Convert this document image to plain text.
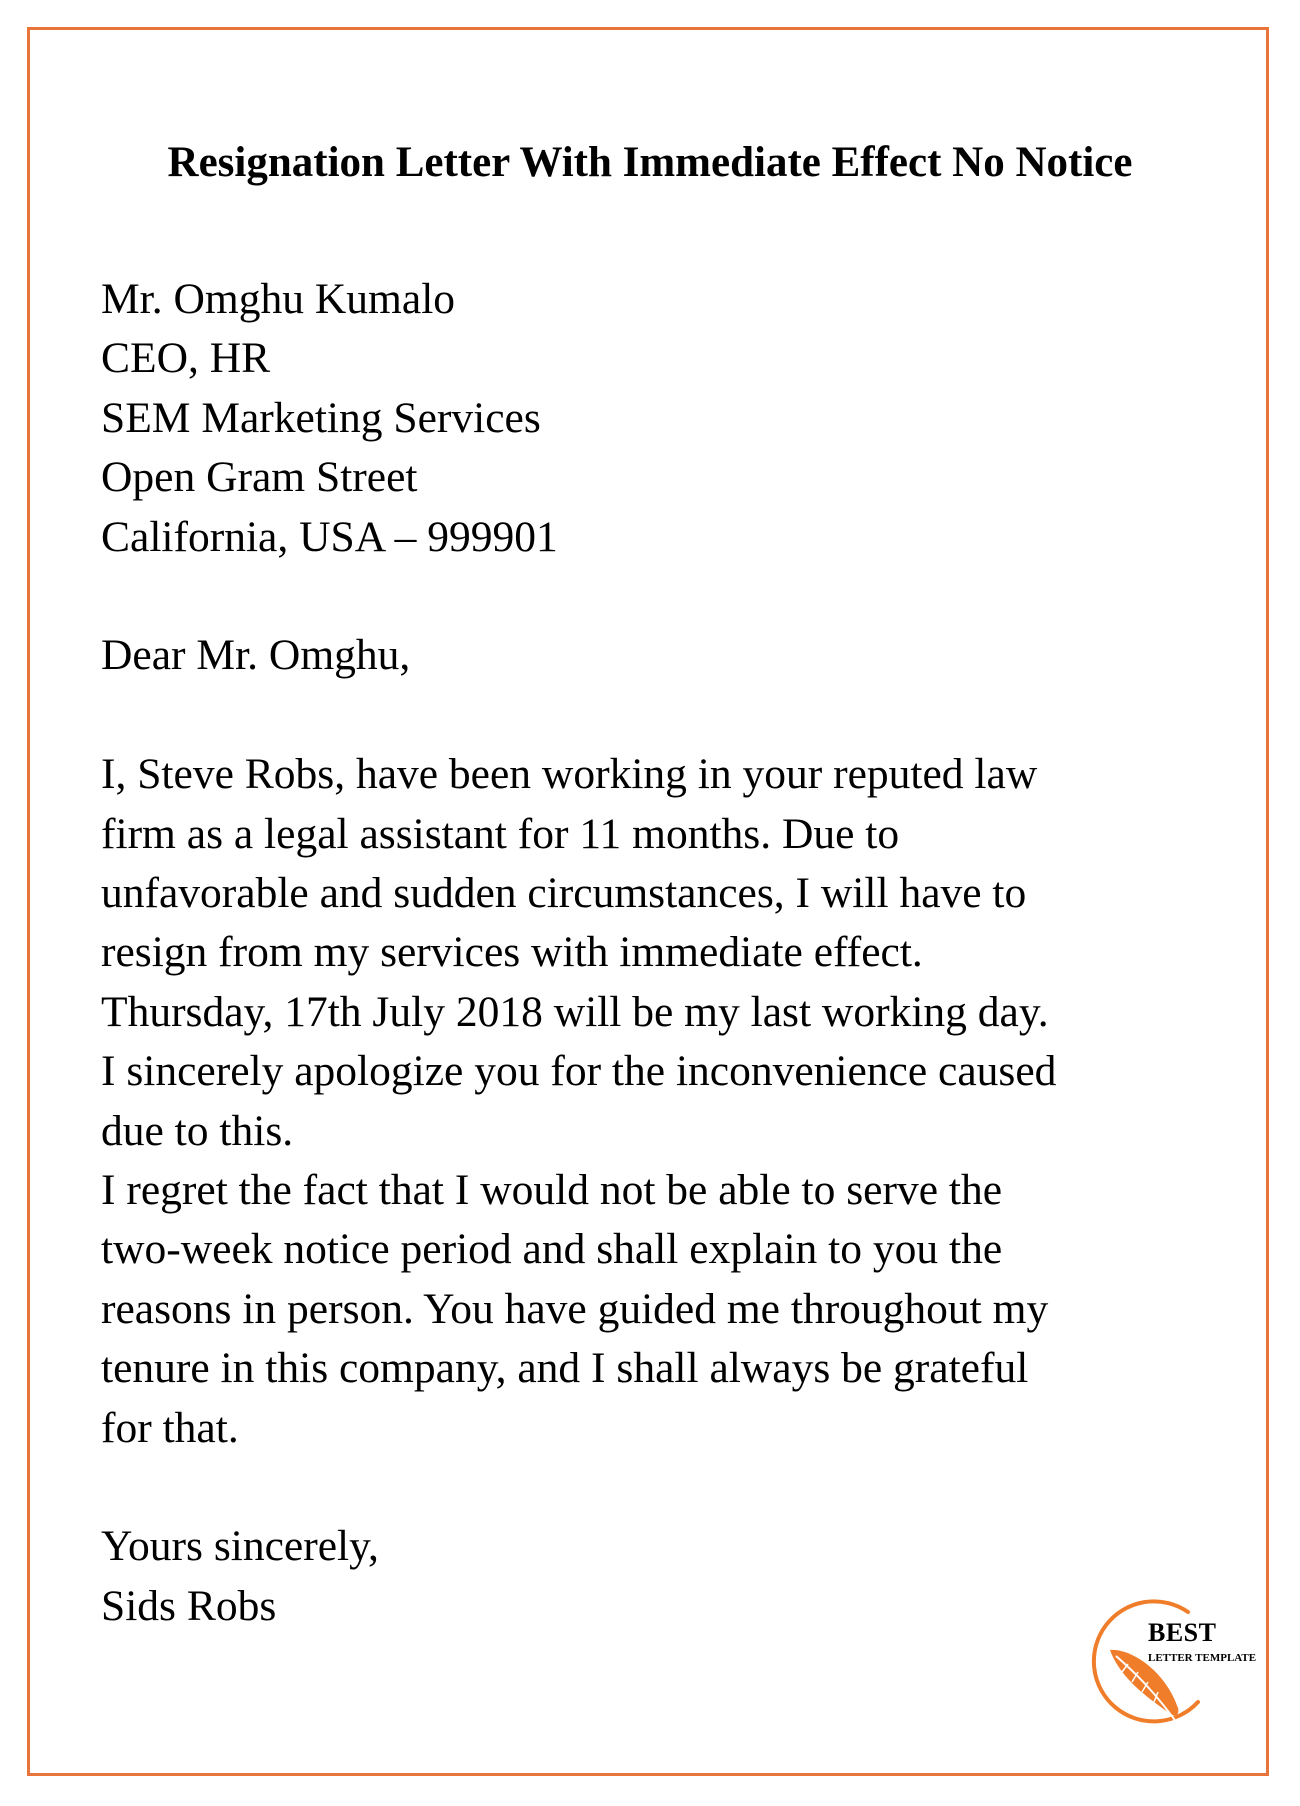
Resignation Letter With Immediate Effect No Notice
Mr. Omghu Kumalo
CEO, HR
SEM Marketing Services
Open Gram Street
California, USA – 999901
Dear Mr. Omghu,
I, Steve Robs, have been working in your reputed law
firm as a legal assistant for 11 months. Due to
unfavorable and sudden circumstances, I will have to
resign from my services with immediate effect.
Thursday, 17th July 2018 will be my last working day.
I sincerely apologize you for the inconvenience caused
due to this.
I regret the fact that I would not be able to serve the
two-week notice period and shall explain to you the
reasons in person. You have guided me throughout my
tenure in this company, and I shall always be grateful
for that.
Yours sincerely,
Sids Robs
BEST
LETTER TEMPLATE
